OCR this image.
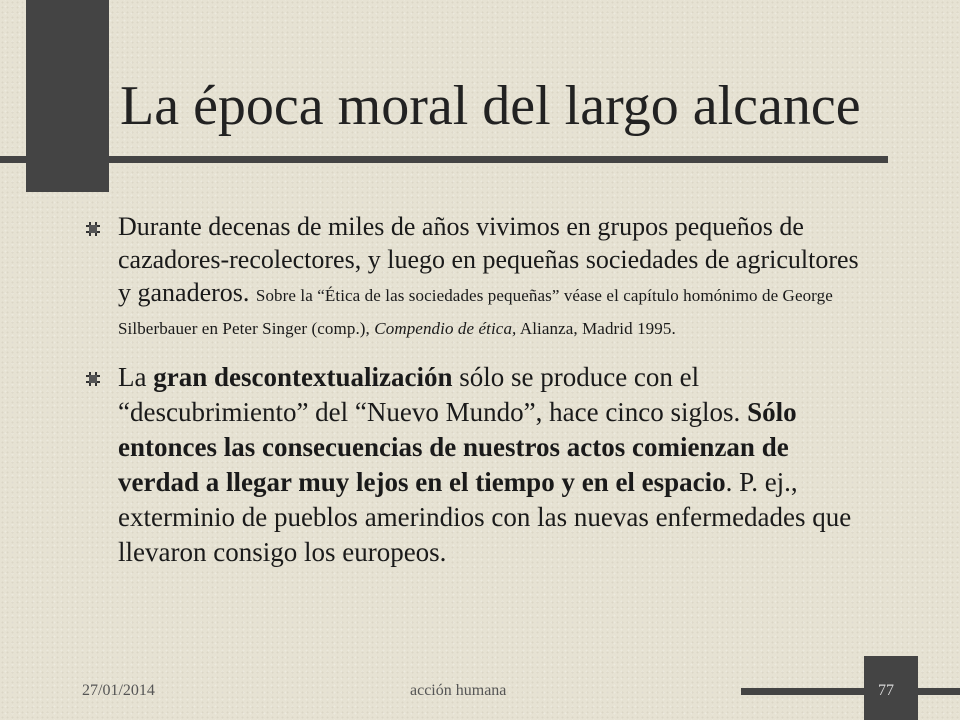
La época moral del largo alcance
Durante decenas de miles de años vivimos en grupos pequeños de cazadores-recolectores, y luego en pequeñas sociedades de agricultores y ganaderos. Sobre la “Ética de las sociedades pequeñas” véase el capítulo homónimo de George Silberbauer en Peter Singer (comp.), Compendio de ética, Alianza, Madrid 1995.
La gran descontextualización sólo se produce con el “descubrimiento” del “Nuevo Mundo”, hace cinco siglos. Sólo entonces las consecuencias de nuestros actos comienzan de verdad a llegar muy lejos en el tiempo y en el espacio. P. ej., exterminio de pueblos amerindios con las nuevas enfermedades que llevaron consigo los europeos.
27/01/2014	acción humana	77
